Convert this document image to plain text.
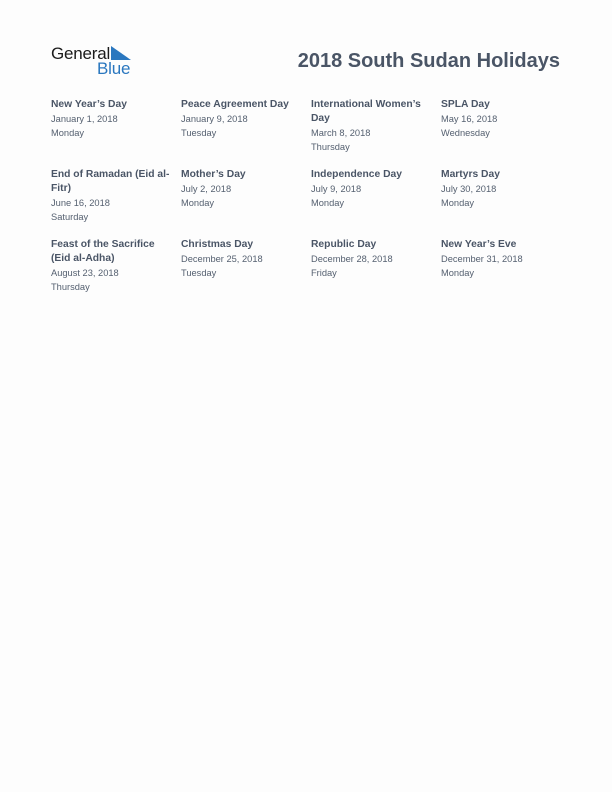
General
Blue	2018 South Sudan Holidays
New Year’s Day
January 1, 2018
Monday
Peace Agreement Day
January 9, 2018
Tuesday
International Women’s Day
March 8, 2018
Thursday
SPLA Day
May 16, 2018
Wednesday
End of Ramadan (Eid al-Fitr)
June 16, 2018
Saturday
Mother’s Day
July 2, 2018
Monday
Independence Day
July 9, 2018
Monday
Martyrs Day
July 30, 2018
Monday
Feast of the Sacrifice (Eid al-Adha)
August 23, 2018
Thursday
Christmas Day
December 25, 2018
Tuesday
Republic Day
December 28, 2018
Friday
New Year’s Eve
December 31, 2018
Monday
